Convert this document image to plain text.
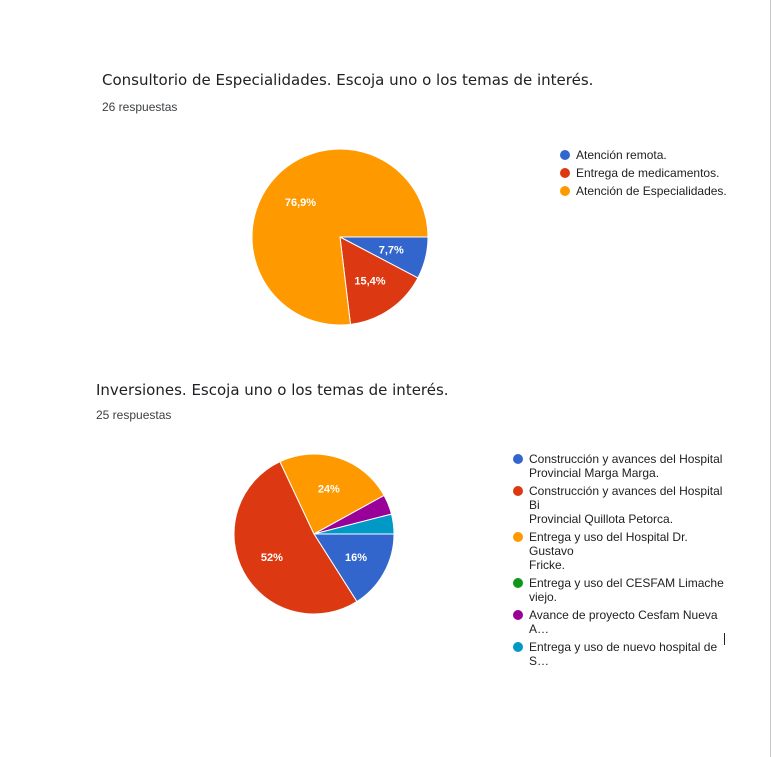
Consultorio de Especialidades. Escoja uno o los temas de interés.
26 respuestas
7,7%
15,4%
76,9%
Atención remota.
Entrega de medicamentos.
Atención de Especialidades.
Inversiones. Escoja uno o los temas de interés.
25 respuestas
16%
52%
24%
Construcción y avances del Hospital
Provincial Marga Marga.
Construcción y avances del Hospital Bi
Provincial Quillota Petorca.
Entrega y uso del Hospital Dr. Gustavo
Fricke.
Entrega y uso del CESFAM Limache
viejo.
Avance de proyecto Cesfam Nueva A…
Entrega y uso de nuevo hospital de S…
